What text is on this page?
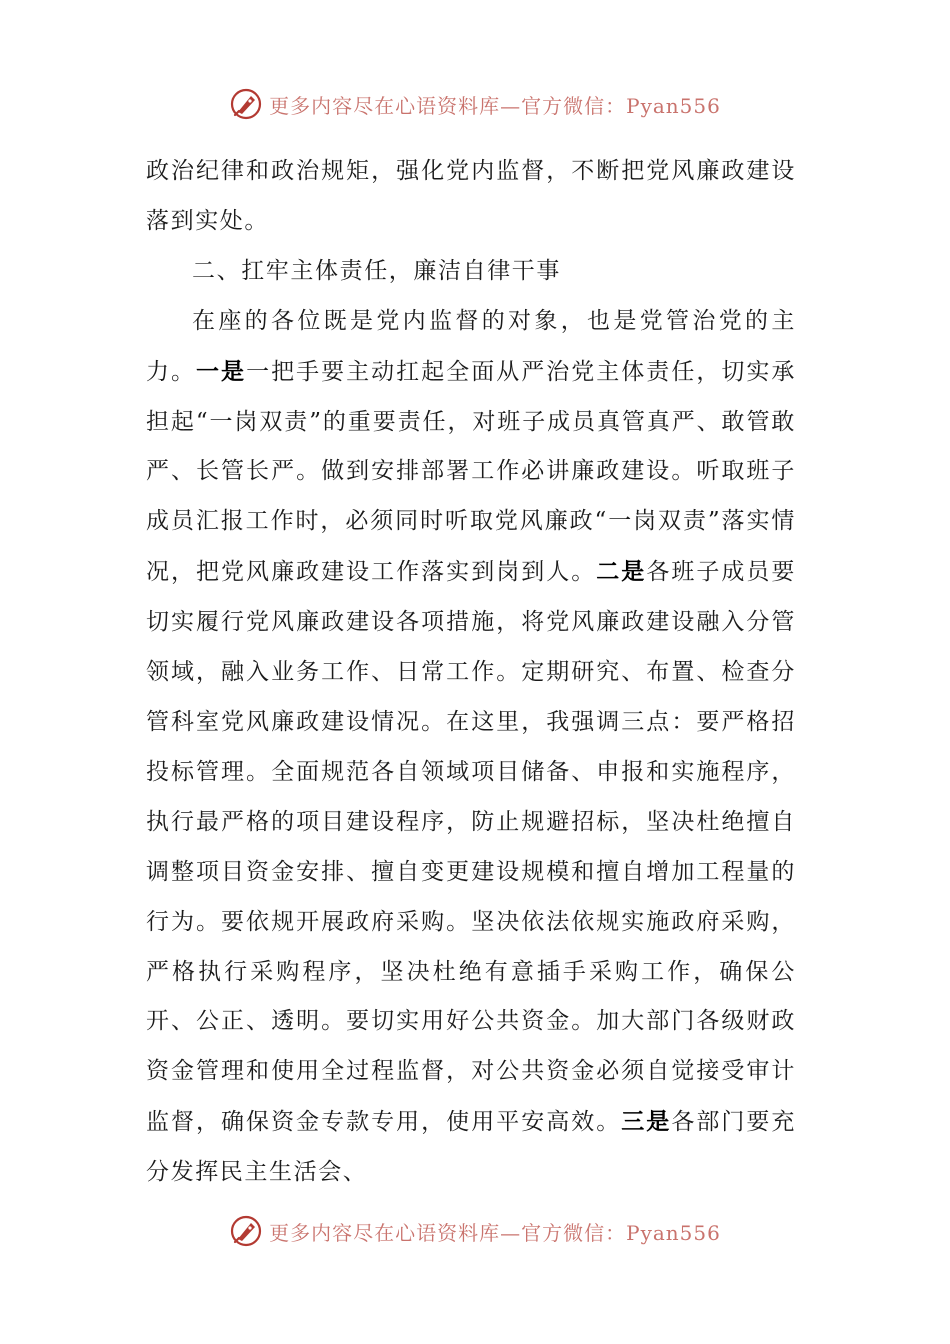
更多内容尽在心语资料库—官方微信：Pyan556

政治纪律和政治规矩，强化党内监督，不断把党风廉政建设落到实处。

二、扛牢主体责任，廉洁自律干事

在座的各位既是党内监督的对象，也是党管治党的主力。一是一把手要主动扛起全面从严治党主体责任，切实承担起“一岗双责”的重要责任，对班子成员真管真严、敢管敢严、长管长严。做到安排部署工作必讲廉政建设。听取班子成员汇报工作时，必须同时听取党风廉政“一岗双责”落实情况，把党风廉政建设工作落实到岗到人。二是各班子成员要切实履行党风廉政建设各项措施，将党风廉政建设融入分管领域，融入业务工作、日常工作。定期研究、布置、检查分管科室党风廉政建设情况。在这里，我强调三点：要严格招投标管理。全面规范各自领域项目储备、申报和实施程序，执行最严格的项目建设程序，防止规避招标，坚决杜绝擅自调整项目资金安排、擅自变更建设规模和擅自增加工程量的行为。要依规开展政府采购。坚决依法依规实施政府采购，严格执行采购程序，坚决杜绝有意插手采购工作，确保公开、公正、透明。要切实用好公共资金。加大部门各级财政资金管理和使用全过程监督，对公共资金必须自觉接受审计监督，确保资金专款专用，使用平安高效。三是各部门要充分发挥民主生活会、

更多内容尽在心语资料库—官方微信：Pyan556
